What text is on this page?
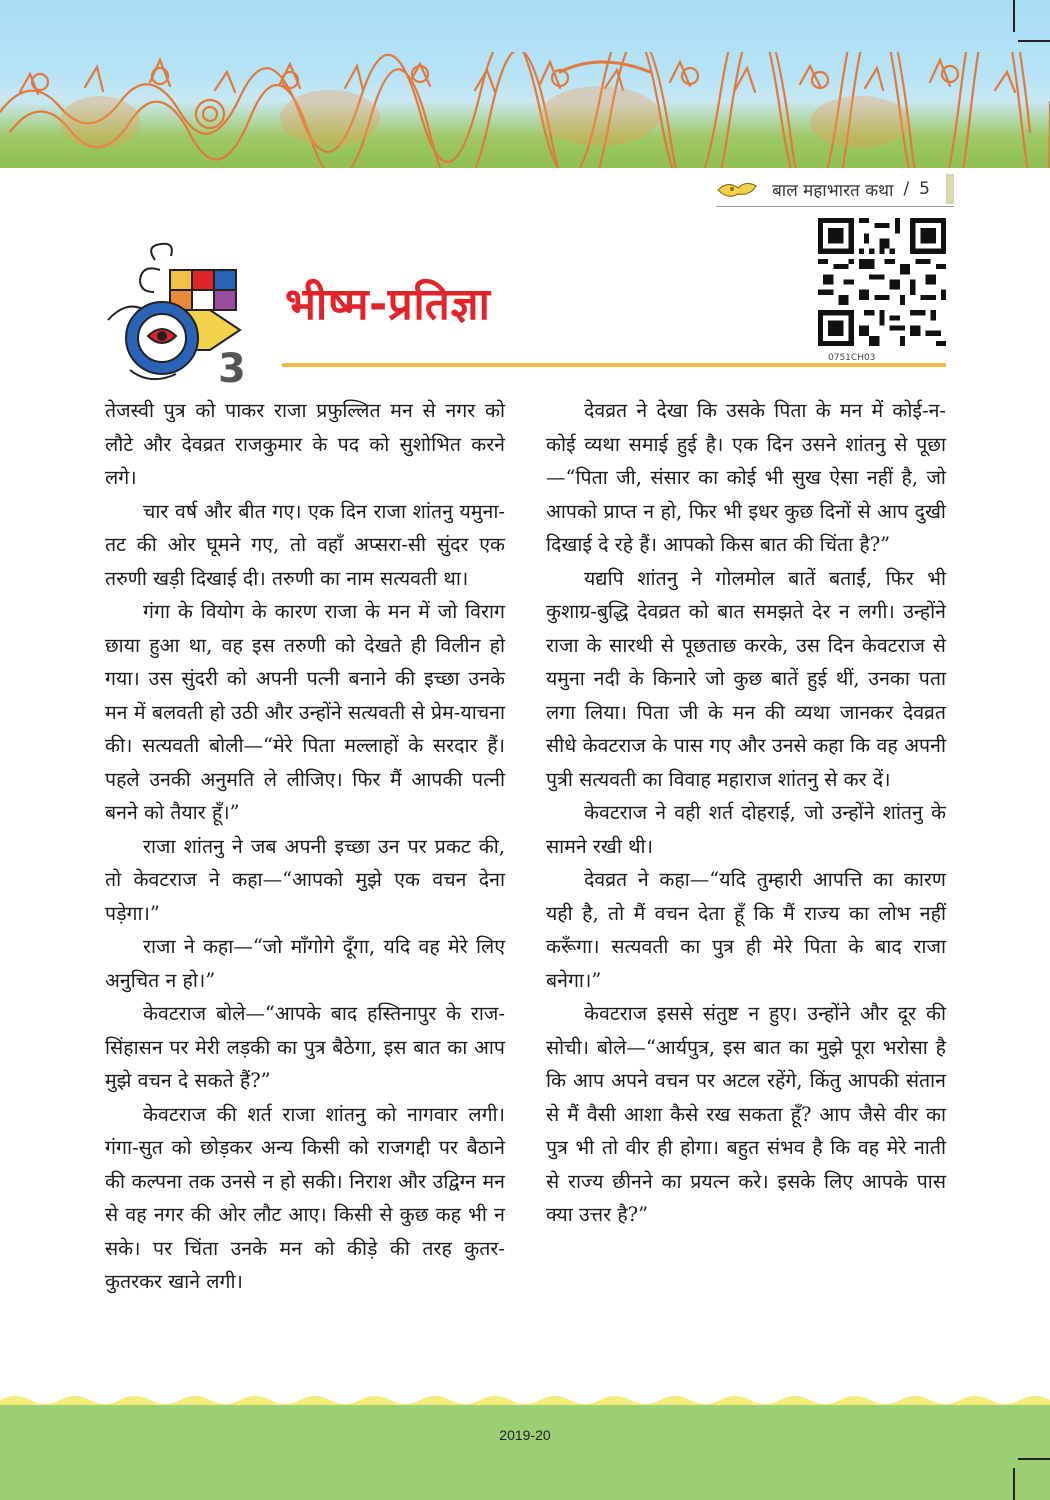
बाल महाभारत कथा / 5
3
भीष्म-प्रतिज्ञा
0751CH03

तेजस्वी पुत्र को पाकर राजा प्रफुल्लित मन से नगर को लौटे और देवव्रत राजकुमार के पद को सुशोभित करने लगे।

चार वर्ष और बीत गए। एक दिन राजा शांतनु यमुना-तट की ओर घूमने गए, तो वहाँ अप्सरा-सी सुंदर एक तरुणी खड़ी दिखाई दी। तरुणी का नाम सत्यवती था।

गंगा के वियोग के कारण राजा के मन में जो विराग छाया हुआ था, वह इस तरुणी को देखते ही विलीन हो गया। उस सुंदरी को अपनी पत्नी बनाने की इच्छा उनके मन में बलवती हो उठी और उन्होंने सत्यवती से प्रेम-याचना की। सत्यवती बोली—“मेरे पिता मल्लाहों के सरदार हैं। पहले उनकी अनुमति ले लीजिए। फिर मैं आपकी पत्नी बनने को तैयार हूँ।”

राजा शांतनु ने जब अपनी इच्छा उन पर प्रकट की, तो केवटराज ने कहा—“आपको मुझे एक वचन देना पड़ेगा।”

राजा ने कहा—“जो माँगोगे दूँगा, यदि वह मेरे लिए अनुचित न हो।”

केवटराज बोले—“आपके बाद हस्तिनापुर के राज-सिंहासन पर मेरी लड़की का पुत्र बैठेगा, इस बात का आप मुझे वचन दे सकते हैं?”

केवटराज की शर्त राजा शांतनु को नागवार लगी। गंगा-सुत को छोड़कर अन्य किसी को राजगद्दी पर बैठाने की कल्पना तक उनसे न हो सकी। निराश और उद्विग्न मन से वह नगर की ओर लौट आए। किसी से कुछ कह भी न सके। पर चिंता उनके मन को कीड़े की तरह कुतर-कुतरकर खाने लगी।

देवव्रत ने देखा कि उसके पिता के मन में कोई-न-कोई व्यथा समाई हुई है। एक दिन उसने शांतनु से पूछा—“पिता जी, संसार का कोई भी सुख ऐसा नहीं है, जो आपको प्राप्त न हो, फिर भी इधर कुछ दिनों से आप दुखी दिखाई दे रहे हैं। आपको किस बात की चिंता है?”

यद्यपि शांतनु ने गोलमोल बातें बताईं, फिर भी कुशाग्र-बुद्धि देवव्रत को बात समझते देर न लगी। उन्होंने राजा के सारथी से पूछताछ करके, उस दिन केवटराज से यमुना नदी के किनारे जो कुछ बातें हुई थीं, उनका पता लगा लिया। पिता जी के मन की व्यथा जानकर देवव्रत सीधे केवटराज के पास गए और उनसे कहा कि वह अपनी पुत्री सत्यवती का विवाह महाराज शांतनु से कर दें।

केवटराज ने वही शर्त दोहराई, जो उन्होंने शांतनु के सामने रखी थी।

देवव्रत ने कहा—“यदि तुम्हारी आपत्ति का कारण यही है, तो मैं वचन देता हूँ कि मैं राज्य का लोभ नहीं करूँगा। सत्यवती का पुत्र ही मेरे पिता के बाद राजा बनेगा।”

केवटराज इससे संतुष्ट न हुए। उन्होंने और दूर की सोची। बोले—“आर्यपुत्र, इस बात का मुझे पूरा भरोसा है कि आप अपने वचन पर अटल रहेंगे, किंतु आपकी संतान से मैं वैसी आशा कैसे रख सकता हूँ? आप जैसे वीर का पुत्र भी तो वीर ही होगा। बहुत संभव है कि वह मेरे नाती से राज्य छीनने का प्रयत्न करे। इसके लिए आपके पास क्या उत्तर है?”

2019-20
